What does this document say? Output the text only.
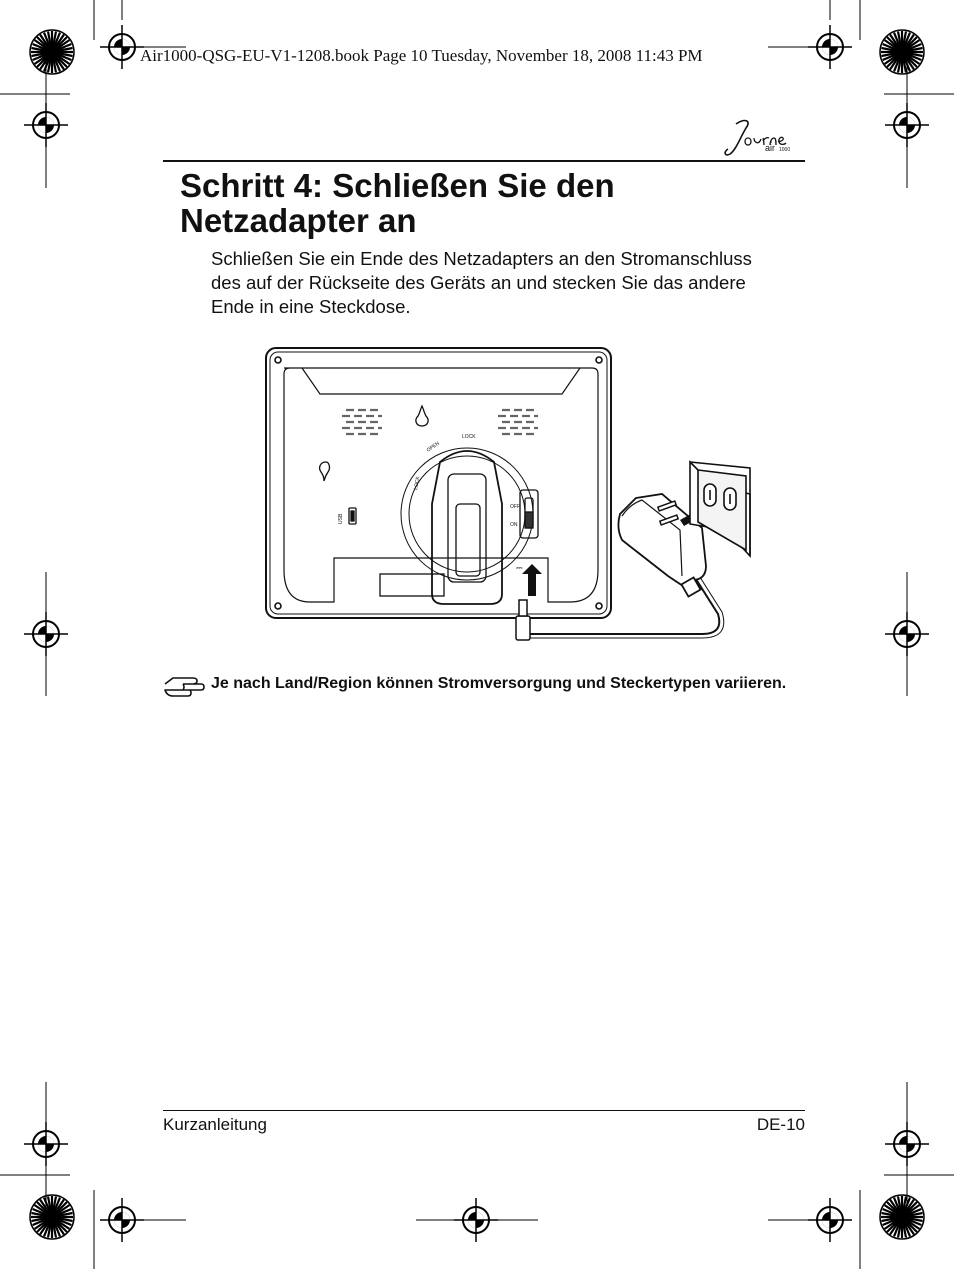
Air1000-QSG-EU-V1-1208.book Page 10 Tuesday, November 18, 2008 11:43 PM
air 1000
Schritt 4: Schließen Sie den Netzadapter an

Schließen Sie ein Ende des Netzadapters an den Stromanschluss des auf der Rückseite des Geräts an und stecken Sie das andere Ende in eine Steckdose.

LOCK
OPEN
LOCK
OFF
ON
USB
⎓

Je nach Land/Region können Stromversorgung und Steckertypen variieren.

Kurzanleitung	DE-10
